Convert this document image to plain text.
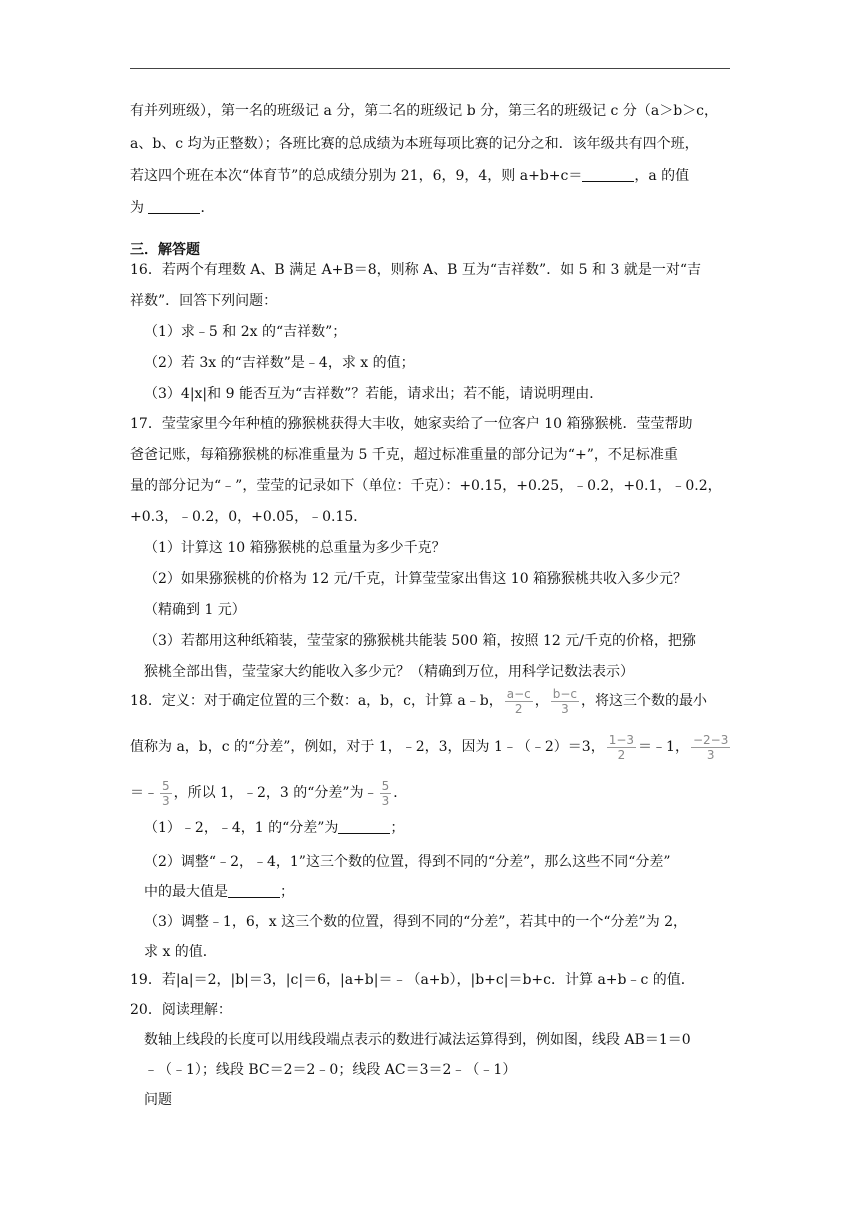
有并列班级），第一名的班级记 a 分，第二名的班级记 b 分，第三名的班级记 c 分（a＞b＞c，
a、b、c 均为正整数）；各班比赛的总成绩为本班每项比赛的记分之和．该年级共有四个班，
若这四个班在本次“体育节”的总成绩分别为 21，6，9，4，则 a+b+c＝	，a 的值
为	．
三．解答题
16．若两个有理数 A、B 满足 A+B＝8，则称 A、B 互为“吉祥数”．如 5 和 3 就是一对“吉
祥数”．回答下列问题：
（1）求﹣5 和 2x 的“吉祥数”；
（2）若 3x 的“吉祥数”是﹣4，求 x 的值；
（3）4|x|和 9 能否互为“吉祥数”？若能，请求出；若不能，请说明理由．
17．莹莹家里今年种植的猕猴桃获得大丰收，她家卖给了一位客户 10 箱猕猴桃．莹莹帮助
爸爸记账，每箱猕猴桃的标准重量为 5 千克，超过标准重量的部分记为“+”，不足标准重
量的部分记为“﹣”，莹莹的记录如下（单位：千克）：+0.15，+0.25，﹣0.2，+0.1，﹣0.2，
+0.3，﹣0.2，0，+0.05，﹣0.15．
（1）计算这 10 箱猕猴桃的总重量为多少千克？
（2）如果猕猴桃的价格为 12 元/千克，计算莹莹家出售这 10 箱猕猴桃共收入多少元？
（精确到 1 元）
（3）若都用这种纸箱装，莹莹家的猕猴桃共能装 500 箱，按照 12 元/千克的价格，把猕
猴桃全部出售，莹莹家大约能收入多少元？（精确到万位，用科学记数法表示）
18．定义：对于确定位置的三个数：a，b，c，计算 a﹣b， $\frac{a-c}{2}$ ， $\frac{b-c}{3}$ ，将这三个数的最小
值称为 a，b，c 的“分差”，例如，对于 1，﹣2，3，因为 1﹣（﹣2）＝3， $\frac{1-3}{2}$ ＝﹣1， $\frac{-2-3}{3}$
＝﹣ $\frac{5}{3}$ ，所以 1，﹣2，3 的“分差”为﹣ $\frac{5}{3}$ ．
（1）﹣2，﹣4，1 的“分差”为	；
（2）调整“﹣2，﹣4，1”这三个数的位置，得到不同的“分差”，那么这些不同“分差”
中的最大值是	；
（3）调整﹣1，6，x 这三个数的位置，得到不同的“分差”，若其中的一个“分差”为 2，
求 x 的值．
19．若|a|＝2，|b|＝3，|c|＝6，|a+b|＝﹣（a+b），|b+c|＝b+c．计算 a+b﹣c 的值．
20．阅读理解：
数轴上线段的长度可以用线段端点表示的数进行减法运算得到，例如图，线段 AB＝1＝0
﹣（﹣1）；线段 BC＝2＝2﹣0；线段 AC＝3＝2﹣（﹣1）
问题
